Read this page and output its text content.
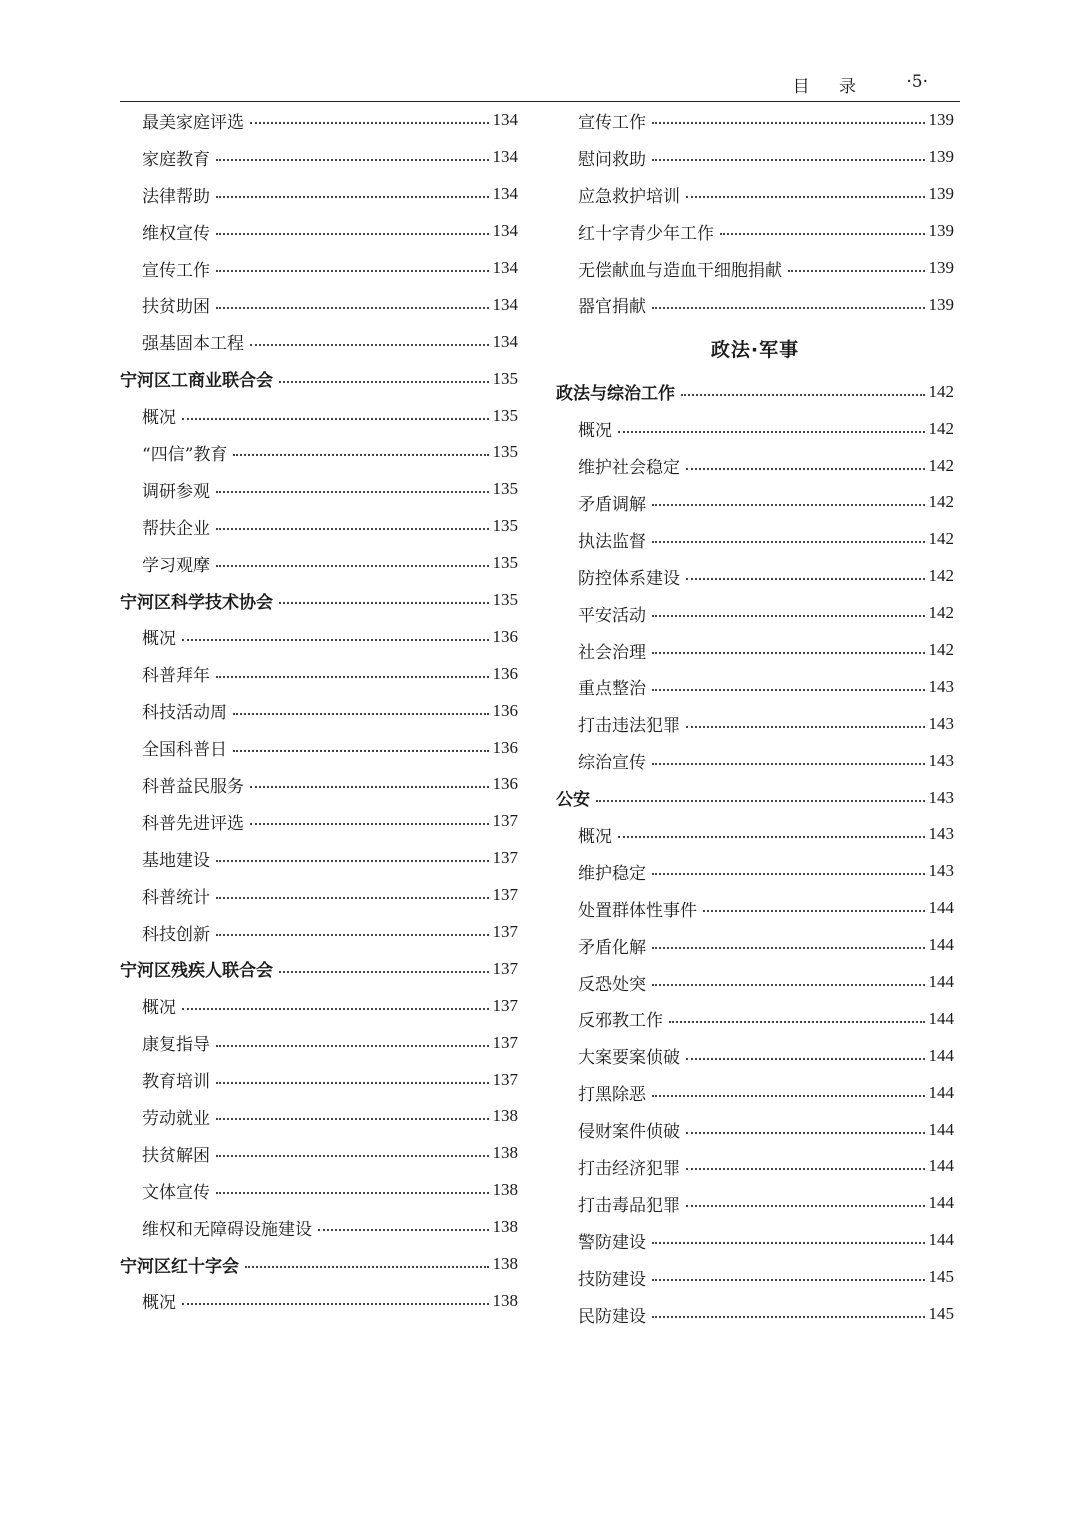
目 录 ·5·
最美家庭评选	134
家庭教育	134
法律帮助	134
维权宣传	134
宣传工作	134
扶贫助困	134
强基固本工程	134
宁河区工商业联合会	135
概况	135
“四信”教育	135
调研参观	135
帮扶企业	135
学习观摩	135
宁河区科学技术协会	135
概况	136
科普拜年	136
科技活动周	136
全国科普日	136
科普益民服务	136
科普先进评选	137
基地建设	137
科普统计	137
科技创新	137
宁河区残疾人联合会	137
概况	137
康复指导	137
教育培训	137
劳动就业	138
扶贫解困	138
文体宣传	138
维权和无障碍设施建设	138
宁河区红十字会	138
概况	138
宣传工作	139
慰问救助	139
应急救护培训	139
红十字青少年工作	139
无偿献血与造血干细胞捐献	139
器官捐献	139
政法·军事
政法与综治工作	142
概况	142
维护社会稳定	142
矛盾调解	142
执法监督	142
防控体系建设	142
平安活动	142
社会治理	142
重点整治	143
打击违法犯罪	143
综治宣传	143
公安	143
概况	143
维护稳定	143
处置群体性事件	144
矛盾化解	144
反恐处突	144
反邪教工作	144
大案要案侦破	144
打黑除恶	144
侵财案件侦破	144
打击经济犯罪	144
打击毒品犯罪	144
警防建设	144
技防建设	145
民防建设	145
